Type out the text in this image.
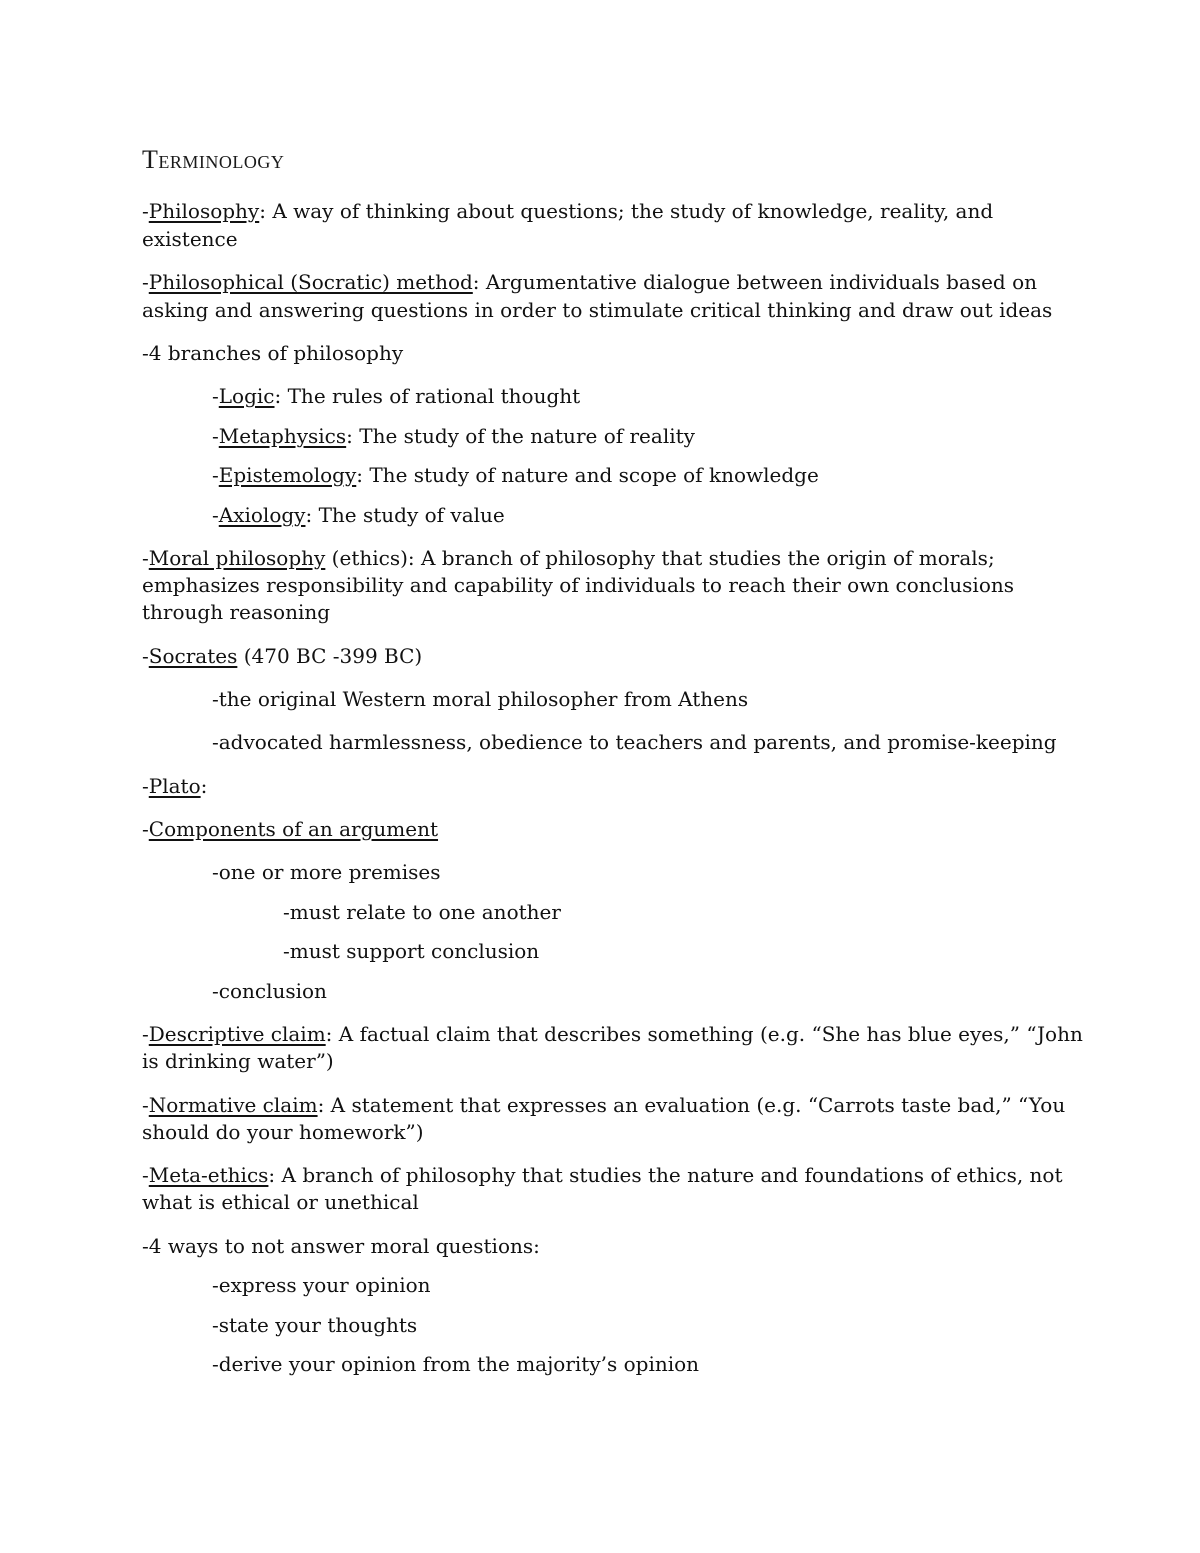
Terminology
-Philosophy: A way of thinking about questions; the study of knowledge, reality, and
existence
-Philosophical (Socratic) method: Argumentative dialogue between individuals based on
asking and answering questions in order to stimulate critical thinking and draw out ideas
-4 branches of philosophy
-Logic: The rules of rational thought
-Metaphysics: The study of the nature of reality
-Epistemology: The study of nature and scope of knowledge
-Axiology: The study of value
-Moral philosophy (ethics): A branch of philosophy that studies the origin of morals;
emphasizes responsibility and capability of individuals to reach their own conclusions
through reasoning
-Socrates (470 BC -399 BC)
-the original Western moral philosopher from Athens
-advocated harmlessness, obedience to teachers and parents, and promise-keeping
-Plato:
-Components of an argument
-one or more premises
-must relate to one another
-must support conclusion
-conclusion
-Descriptive claim: A factual claim that describes something (e.g. “She has blue eyes,” “John
is drinking water”)
-Normative claim: A statement that expresses an evaluation (e.g. “Carrots taste bad,” “You
should do your homework”)
-Meta-ethics: A branch of philosophy that studies the nature and foundations of ethics, not
what is ethical or unethical
-4 ways to not answer moral questions:
-express your opinion
-state your thoughts
-derive your opinion from the majority’s opinion
